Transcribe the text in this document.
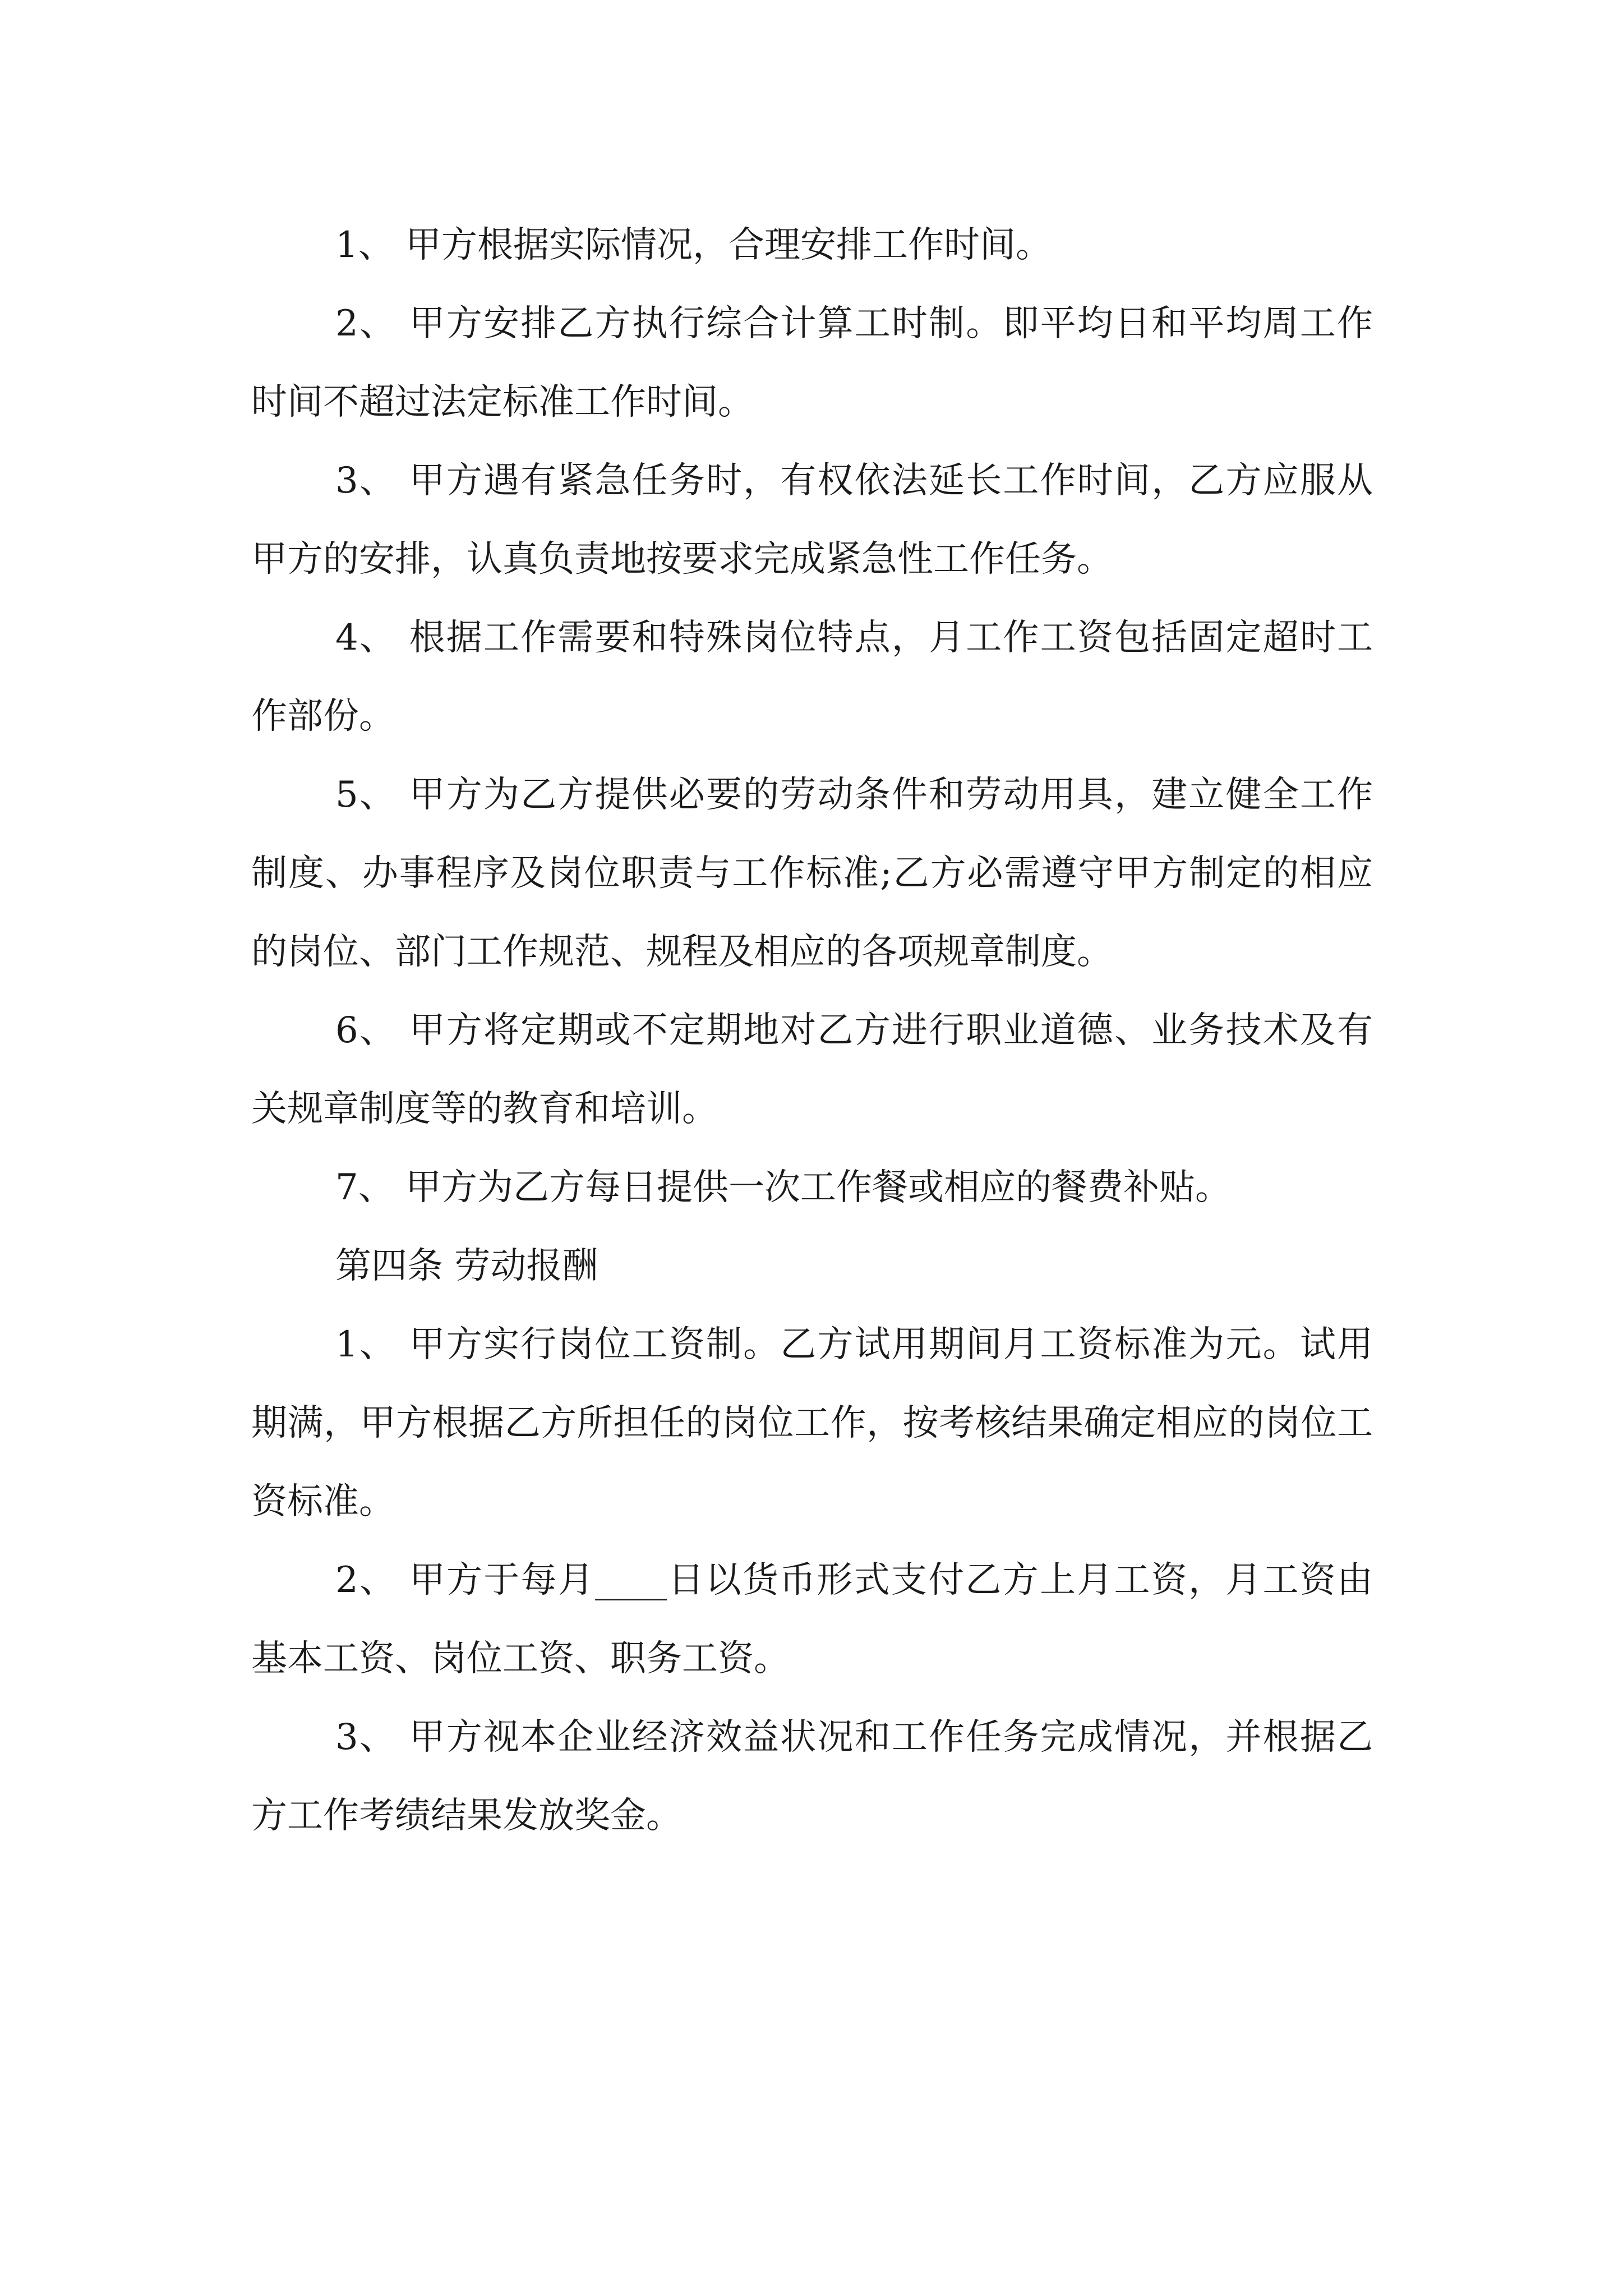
1、 甲方根据实际情况，合理安排工作时间。

2、 甲方安排乙方执行综合计算工时制。即平均日和平均周工作时间不超过法定标准工作时间。

3、 甲方遇有紧急任务时，有权依法延长工作时间，乙方应服从甲方的安排，认真负责地按要求完成紧急性工作任务。

4、 根据工作需要和特殊岗位特点，月工作工资包括固定超时工作部份。

5、 甲方为乙方提供必要的劳动条件和劳动用具，建立健全工作制度、办事程序及岗位职责与工作标准;乙方必需遵守甲方制定的相应的岗位、部门工作规范、规程及相应的各项规章制度。

6、 甲方将定期或不定期地对乙方进行职业道德、业务技术及有关规章制度等的教育和培训。

7、 甲方为乙方每日提供一次工作餐或相应的餐费补贴。

第四条 劳动报酬

1、 甲方实行岗位工资制。乙方试用期间月工资标准为元。试用期满，甲方根据乙方所担任的岗位工作，按考核结果确定相应的岗位工资标准。

2、 甲方于每月____日以货币形式支付乙方上月工资，月工资由基本工资、岗位工资、职务工资。

3、 甲方视本企业经济效益状况和工作任务完成情况，并根据乙方工作考绩结果发放奖金。
